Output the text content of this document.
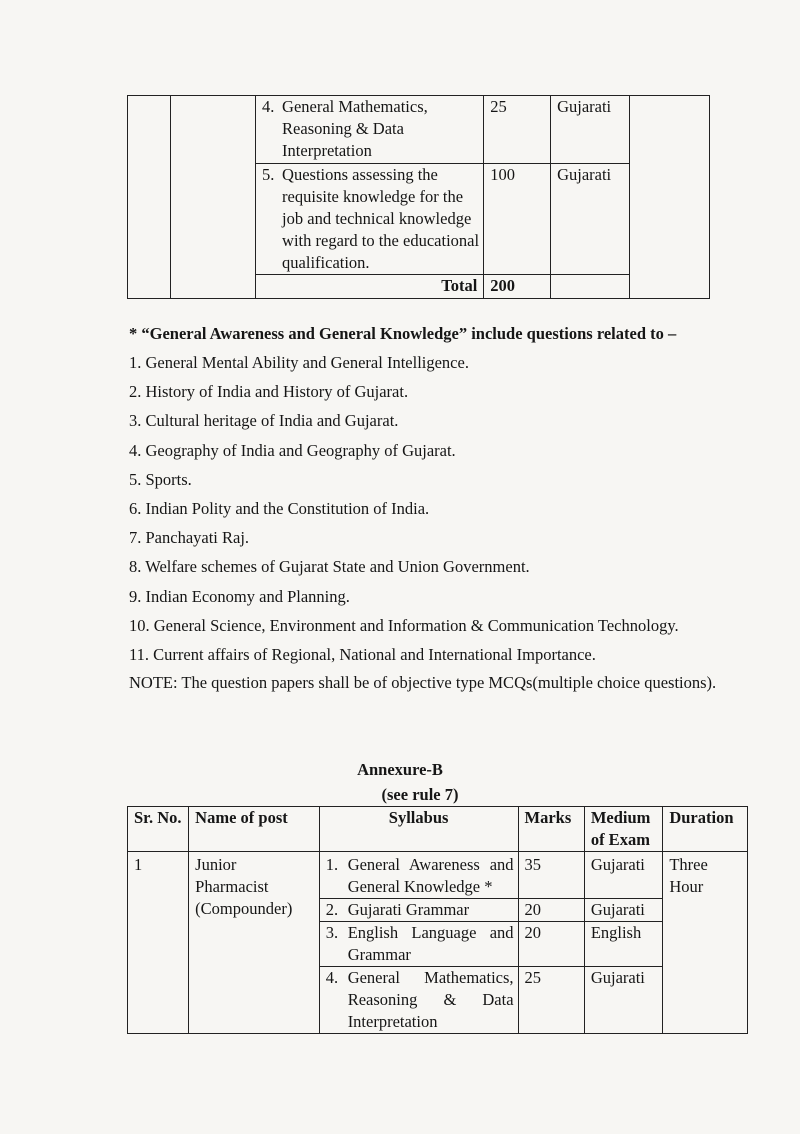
		4. General Mathematics, Reasoning & Data Interpretation	25	Gujarati	

		5. Questions assessing the requisite knowledge for the job and technical knowledge with regard to the educational qualification.	100	Gujarati	
		Total	200		

* “General Awareness and General Knowledge” include questions related to –

1. General Mental Ability and General Intelligence.
2. History of India and History of Gujarat.
3. Cultural heritage of India and Gujarat.
4. Geography of India and Geography of Gujarat.
5. Sports.
6. Indian Polity and the Constitution of India.
7. Panchayati Raj.
8. Welfare schemes of Gujarat State and Union Government.
9. Indian Economy and Planning.
10. General Science, Environment and Information & Communication Technology.
11. Current affairs of Regional, National and International Importance.
NOTE: The question papers shall be of objective type MCQs(multiple choice questions).
Annexure-B
(see rule 7)
Sr. No.	Name of post	Syllabus	Marks	Medium of Exam	Duration
1	Junior Pharmacist (Compounder)	1. General Awareness and General Knowledge *	35	Gujarati	Three Hour

		2. Gujarati Grammar	20	Gujarati	

		3. English Language and Grammar	20	English	

		4. General Mathematics, Reasoning & Data Interpretation	25	Gujarati	
